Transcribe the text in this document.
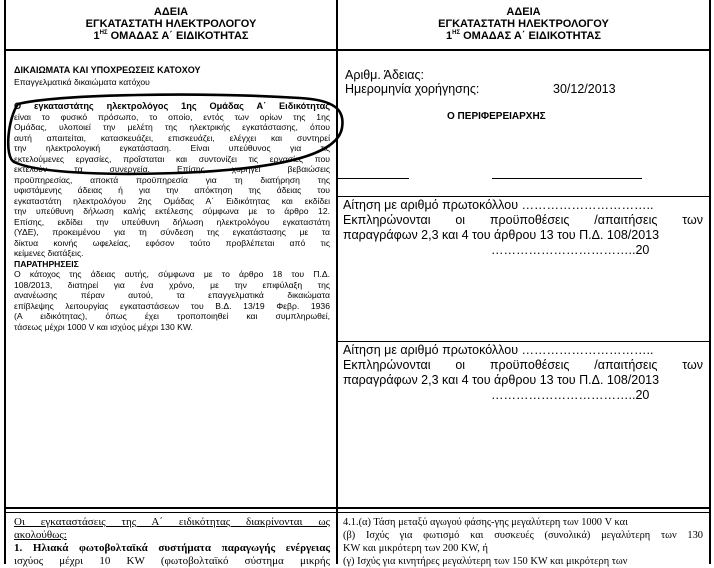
ΑΔΕΙΑ
ΕΓΚΑΤΑΣΤΑΤΗ ΗΛΕΚΤΡΟΛΟΓΟΥ
$1^{H\Sigma}$ ΟΜΑΔΑΣ Α΄ ΕΙΔΙΚΟΤΗΤΑΣ
ΑΔΕΙΑ
ΕΓΚΑΤΑΣΤΑΤΗ ΗΛΕΚΤΡΟΛΟΓΟΥ
$1^{H\Sigma}$ ΟΜΑΔΑΣ Α΄ ΕΙΔΙΚΟΤΗΤΑΣ
ΔΙΚΑΙΩΜΑΤΑ ΚΑΙ ΥΠΟΧΡΕΩΣΕΙΣ ΚΑΤΟΧΟΥ
Επαγγελματικά δικαιώματα κατόχου
Ο εγκαταστάτης ηλεκτρολόγος 1ης Ομάδας Α΄ Ειδικότητας
είναι το φυσικό πρόσωπο, το οποίο, εντός των ορίων της 1ης
Ομάδας, υλοποιεί την μελέτη της ηλεκτρικής εγκατάστασης, όπου
αυτή απαιτείται, κατασκευάζει, επισκευάζει, ελέγχει και συντηρεί
την ηλεκτρολογική εγκατάσταση. Είναι υπεύθυνος για τις
εκτελούμενες εργασίες, προΐσταται και συντονίζει τις εργασίες που
εκτελούν τα συνεργεία. Επίσης χορηγεί βεβαιώσεις
προϋπηρεσίας, αποκτά προϋπηρεσία για τη διατήρηση της
υφιστάμενης άδειας ή για την απόκτηση της άδειας του
εγκαταστάτη ηλεκτρολόγου 2ης Ομάδας Α΄ Ειδικότητας και εκδίδει
την υπεύθυνη δήλωση καλής εκτέλεσης σύμφωνα με το άρθρο 12.
Επίσης, εκδίδει την υπεύθυνη δήλωση ηλεκτρολόγου εγκαταστάτη
(ΥΔΕ), προκειμένου για τη σύνδεση της εγκατάστασης με τα
δίκτυα κοινής ωφελείας, εφόσον τούτο προβλέπεται από τις
κείμενες διατάξεις.
ΠΑΡΑΤΗΡΗΣΕΙΣ
Ο κάτοχος της άδειας αυτής, σύμφωνα με το άρθρο 18 του Π.Δ.
108/2013, διατηρεί για ένα χρόνο, με την επιφύλαξη της
ανανέωσης πέραν αυτού, τα επαγγελματικά δικαιώματα
επίβλεψης λειτουργίας εγκαταστάσεων του Β.Δ. 13/19 Φεβρ. 1936
(Α ειδικότητας), όπως έχει τροποποιηθεί και συμπληρωθεί,
τάσεως μέχρι 1000 V και ισχύος μέχρι 130 KW.
Αριθμ. Άδειας:
Ημερομηνία χορήγησης:	30/12/2013
Ο ΠΕΡΙΦΕΡΕΙΑΡΧΗΣ
Αίτηση με αριθμό πρωτοκόλλου …………………………..
Εκπληρώνονται οι προϋποθέσεις /απαιτήσεις των
παραγράφων 2,3 και 4 του άρθρου 13 του Π.Δ. 108/2013
……………………………..20
Αίτηση με αριθμό πρωτοκόλλου …………………………..
Εκπληρώνονται οι προϋποθέσεις /απαιτήσεις των
παραγράφων 2,3 και 4 του άρθρου 13 του Π.Δ. 108/2013
……………………………..20
Οι εγκαταστάσεις της Α΄ ειδικότητας διακρίνονται ως
ακολούθως:
1. Ηλιακά φωτοβολταϊκά συστήματα παραγωγής ενέργειας
ισχύος μέχρι 10 KW (φωτοβολταϊκό σύστημα μικρής
4.1.(α) Τάση μεταξύ αγωγού φάσης-γης μεγαλύτερη των 1000 V και
(β) Ισχύς για φωτισμό και συσκευές (συνολικά) μεγαλύτερη των 130
KW και μικρότερη των 200 KW, ή
(γ) Ισχύς για κινητήρες μεγαλύτερη των 150 KW και μικρότερη των
